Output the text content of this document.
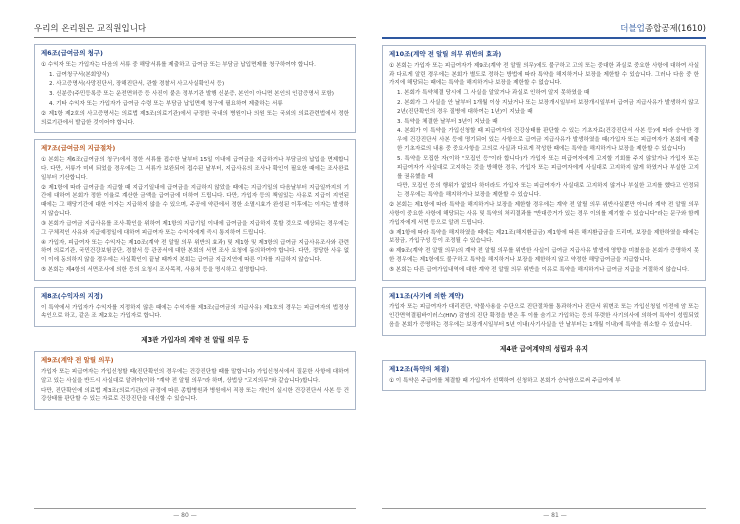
우리의 온리원은 교직원입니다
제6조(급여금의 청구)

① 수익자 또는 가입자는 다음의 서류 중 해당서류를 제출하고 급여금 또는 부담금 납입면제를 청구하여야 합니다.

1. 급여청구서(본회양식)

2. 사고증명서(사망진단서, 장해진단서, 관할 경찰서 사고사실확인서 등)

3. 신분증(주민등록증 또는 운전면허증 등 사진이 붙은 정부기관 발행 신분증, 본인이 아니면 본인의 인감증명서 포함)

4. 기타 수익자 또는 가입자가 급여금 수령 또는 부담금 납입면제 청구에 필요하여 제출하는 서류

② 제1항 제2호의 사고증명서는 의료법 제3조(의료기관)에서 규정한 국내의 병원이나 의원 또는 국외의 의료관련법에서 정한 의료기관에서 발급한 것이어야 합니다.

제7조(급여금의 지급절차)

① 본회는 제6조(급여금의 청구)에서 정한 서류를 접수한 날부터 15일 이내에 급여금을 지급하거나 부담금의 납입을 면제합니다. 다만, 서류가 미비 되었을 경우에는 그 서류가 보완되어 접수된 날부터, 지급사유의 조사나 확인이 필요한 때에는 조사완료일부터 기산합니다.

② 제1항에 따라 급여금을 지급할 때 지급기일내에 급여금을 지급하지 않았을 때에는 지급기일의 다음날부터 지급일까지의 기간에 대하여 본회가 정한 이율로 계산한 금액을 급여금에 더하여 드립니다. 다만, 가입자 등의 책임있는 사유로 지급이 지연된 때에는 그 해당기간에 대한 이자는 지급하지 않을 수 있으며, 주공에 약관에서 정한 소멸시효가 완성된 이후에는 이자는 발생하지 않습니다.

③ 본회가 급여금 지급사유를 조사·확인을 위하여 제1항의 지급기일 이내에 급여금을 지급하지 못할 것으로 예상되는 경우에는 그 구체적인 사유와 지급예정일에 대하여 피급여자 또는 수익자에게 즉시 통지하여 드립니다.

④ 가입자, 피급여자 또는 수익자는 제10조(계약 전 알릴 의무 위반의 효과) 및 제1항 및 제3항의 급여금 지급사유조사와 관련하여 의료기관, 국민건강보험공단, 경찰서 등 관공서에 대한 본회의 서면 조사 요청에 동의하여야 합니다. 다만, 정당한 사유 없이 이에 동의하지 않을 경우에는 사실확인이 끝날 때까지 본회는 급여금 지급지연에 따른 이자를 지급하지 않습니다.

⑤ 본회는 제4항의 서면조사에 의한 등의 요청시 조사목적, 사용처 등을 명시하고 설명합니다.

제8조(수익자의 지정)

이 특약에서 가입자가 수익자를 지정하지 않은 때에는 수익자를 제3조(급여금의 지급사유) 제1호의 경우는 피급여자의 법정상속인으로 하고, 같은 조 제2호는 가입자로 합니다.

제3관 가입자의 계약 전 알릴 의무 등
제9조(계약 전 알릴 의무)

가입자 또는 피급여자는 가입신청할 때(진단확인의 경우에는 건강진단할 때를 말합니다) 가입신청서에서 질문한 사항에 대하여 알고 있는 사실을 반드시 사실대로 알려야(이하 "계약 전 알릴 의무"라 하며, 상법상 "고지의무"와 같습니다)합니다.

다만, 진단확인에 의료법 제3조(의료기관)의 규정에 따른 종합병원과 병원에서 직장 또는 개인이 실시한 건강진단서 사본 등 건강상태를 판단할 수 있는 자료로 건강진단을 대신할 수 있습니다.

— 80 —
더블업종합공제(1610)
제10조(계약 전 알릴 의무 위반의 효과)

① 본회는 가입자 또는 피급여자가 제9조(계약 전 알릴 의무)에도 불구하고 고의 또는 중대한 과실로 중요한 사항에 대하여 사실과 다르게 알린 경우에는 본회가 별도로 정하는 방법에 따라 특약을 해지하거나 보장을 제한할 수 있습니다. 그러나 다음 중 한 가지에 해당되는 때에는 특약을 해지하거나 보장을 제한할 수 없습니다.

1. 본회가 특약체결 당시에 그 사실을 알았거나 과실로 인하여 알지 못하였을 때

2. 본회가 그 사실을 안 날부터 1개월 이상 지났거나 또는 보장개시일부터 보장개시일부터 급여금 지급사유가 발생하지 않고 2년(진단확인의 경우 질병에 대하여는 1년)이 지났을 때

3. 특약을 체결한 날부터 3년이 지났을 때

4. 본회가 이 특약을 가입신청할 때 피급여자의 건강상태를 판단할 수 있는 기초자료(건강진단서 사본 등)에 따라 승낙한 경우에 건강진단서 사본 등에 명기되어 있는 사항으로 급여금 지급사유가 발생하였을 때(가입자 또는 피급여자가 본회에 제출한 기초자료의 내용 중 중요사항을 고의로 사실과 다르게 작성한 때에는 특약을 해지하거나 보장을 제한할 수 있습니다)

5. 특약을 모집한 자(이하 "모집인 등"이라 합니다)가 가입자 또는 피급여자에게 고지할 기회를 주지 않았거나 가입자 또는 피급여자가 사실대로 고지하는 것을 방해한 경우, 가입자 또는 피급여자에게 사실대로 고지하지 않게 하였거나 부실한 고지를 권유했을 때

다만, 모집인 등의 행위가 없었다 하더라도 가입자 또는 피급여자가 사실대로 고지하지 않거나 부실한 고지를 했다고 인정되는 경우에는 특약을 해지하거나 보장을 제한할 수 있습니다.

② 본회는 제1항에 따라 특약을 해지하거나 보장을 제한할 경우에는 계약 전 알릴 의무 위반사실뿐만 아니라 계약 전 알릴 의무 사항이 중요한 사항에 해당되는 사유 및 특약의 처리결과를 "반대증거가 있는 경우 이의를 제기할 수 있습니다"라는 문구와 함께 가입자에게 서면 등으로 알려 드립니다.

③ 제1항에 따라 특약을 해지하였을 때에는 제21조(해지환급금) 제1항에 따른 해지환급금을 드리며, 보장을 제한하였을 때에는 보장금, 가입구성 등이 조정될 수 있습니다.

④ 제9조(계약 전 알릴 의무)의 계약 전 알릴 의무를 위반한 사실이 급여금 지급사유 발생에 영향을 미쳤음을 본회가 증명하지 못한 경우에는 제1항에도 불구하고 특약을 해지하거나 보장을 제한하지 않고 약정한 해당급여금을 지급합니다.

⑤ 본회는 다른 급여가입내역에 대한 계약 전 알릴 의무 위반을 이유로 특약을 해지하거나 급여금 지급을 거절하지 않습니다.

제11조(사기에 의한 계약)

가입자 또는 피급여자가 대리진단, 약물사용을 수단으로 진단절차를 통과하거나 진단서 위변조 또는 가입신청일 이전에 암 또는 인간면역결핍바이러스(HIV) 감염의 진단 확정을 받은 후 이를 숨기고 가입하는 등의 뚜렷한 사기의사에 의하여 특약이 성립되었음을 본회가 증명하는 경우에는 보장개시일부터 5년 이내(사기사실을 안 날부터는 1개월 이내)에 특약을 취소할 수 있습니다.

제4관 급여계약의 성립과 유지
제12조(특약의 체결)

① 이 특약은 주급여를 체결할 때 가입자가 선택하여 신청하고 본회가 승낙함으로써 주급여에 부

— 81 —
